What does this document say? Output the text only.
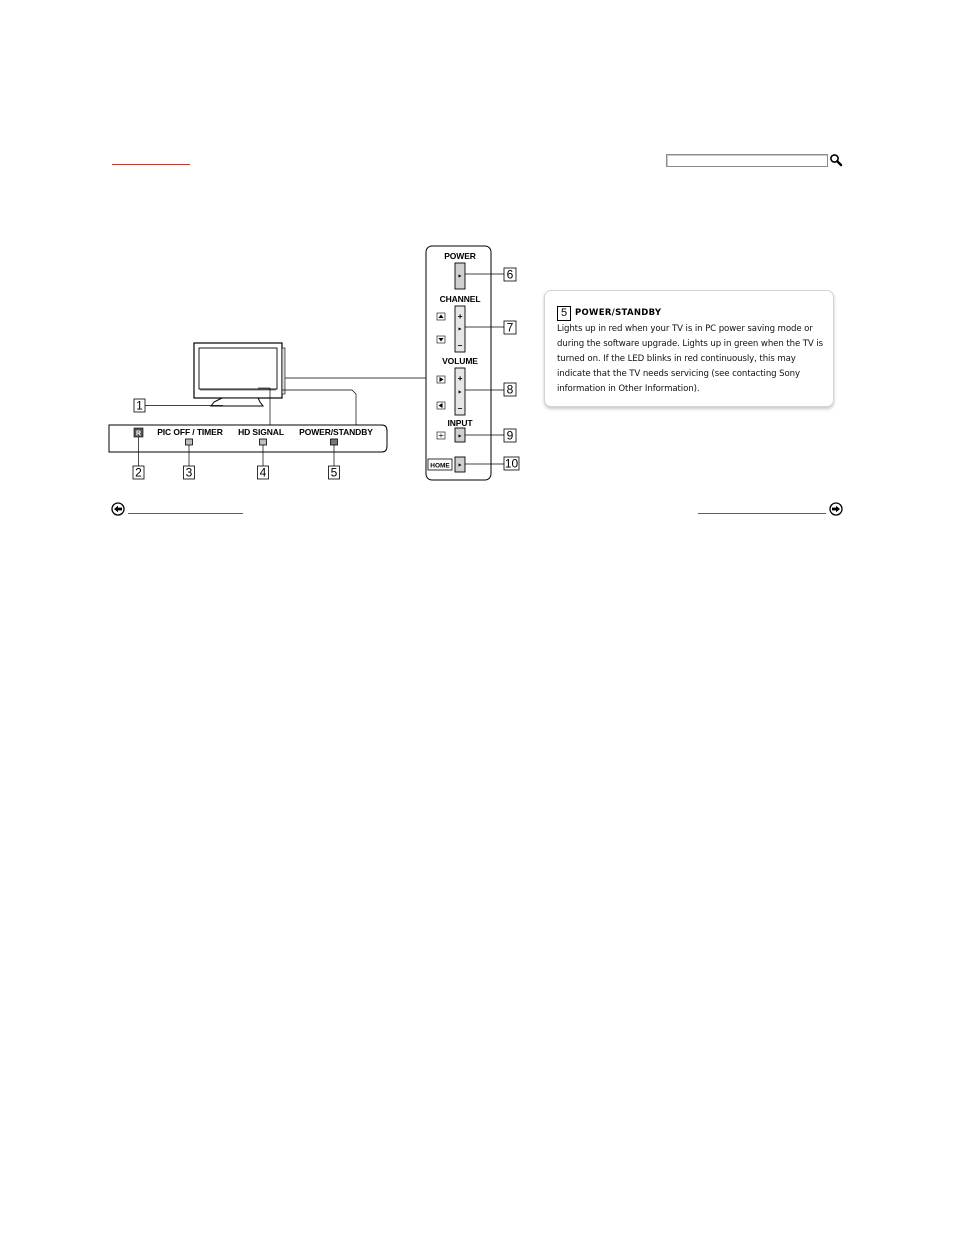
1
R PIC OFF / TIMER HD SIGNAL POWER/STANDBY
2	3	4	5
POWER
▶	6
CHANNEL
+
–
▶	7
VOLUME
+
–
▶	8
INPUT
▶	9
HOME ▶	10
5 POWER/STANDBY
Lights up in red when your TV is in PC power saving mode or during the software upgrade. Lights up in green when the TV is turned on. If the LED blinks in red continuously, this may indicate that the TV needs servicing (see contacting Sony information in Other Information).
